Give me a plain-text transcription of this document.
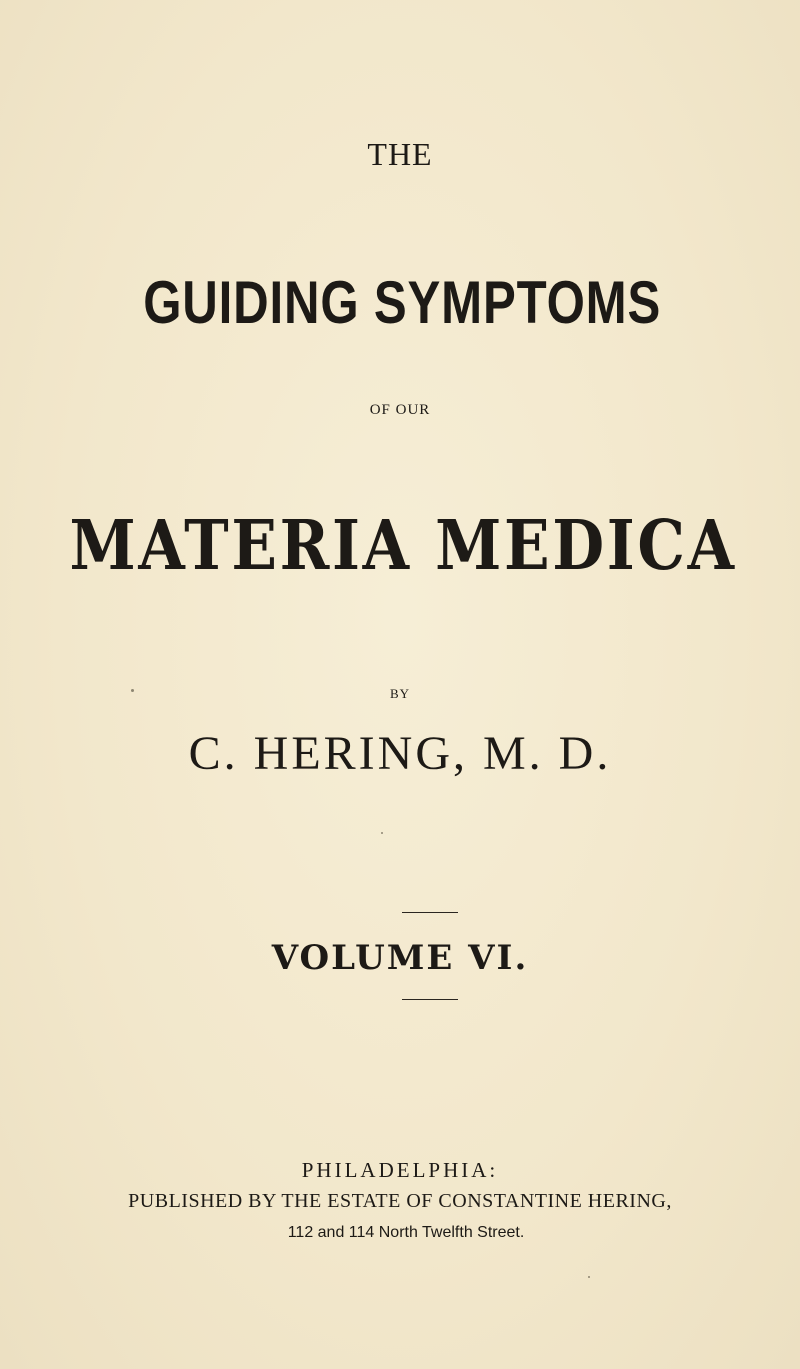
THE
GUIDING SYMPTOMS
OF OUR
MATERIA MEDICA
BY
C. HERING, M. D.
VOLUME VI.
PHILADELPHIA:
PUBLISHED BY THE ESTATE OF CONSTANTINE HERING,
112 and 114 North Twelfth Street.
